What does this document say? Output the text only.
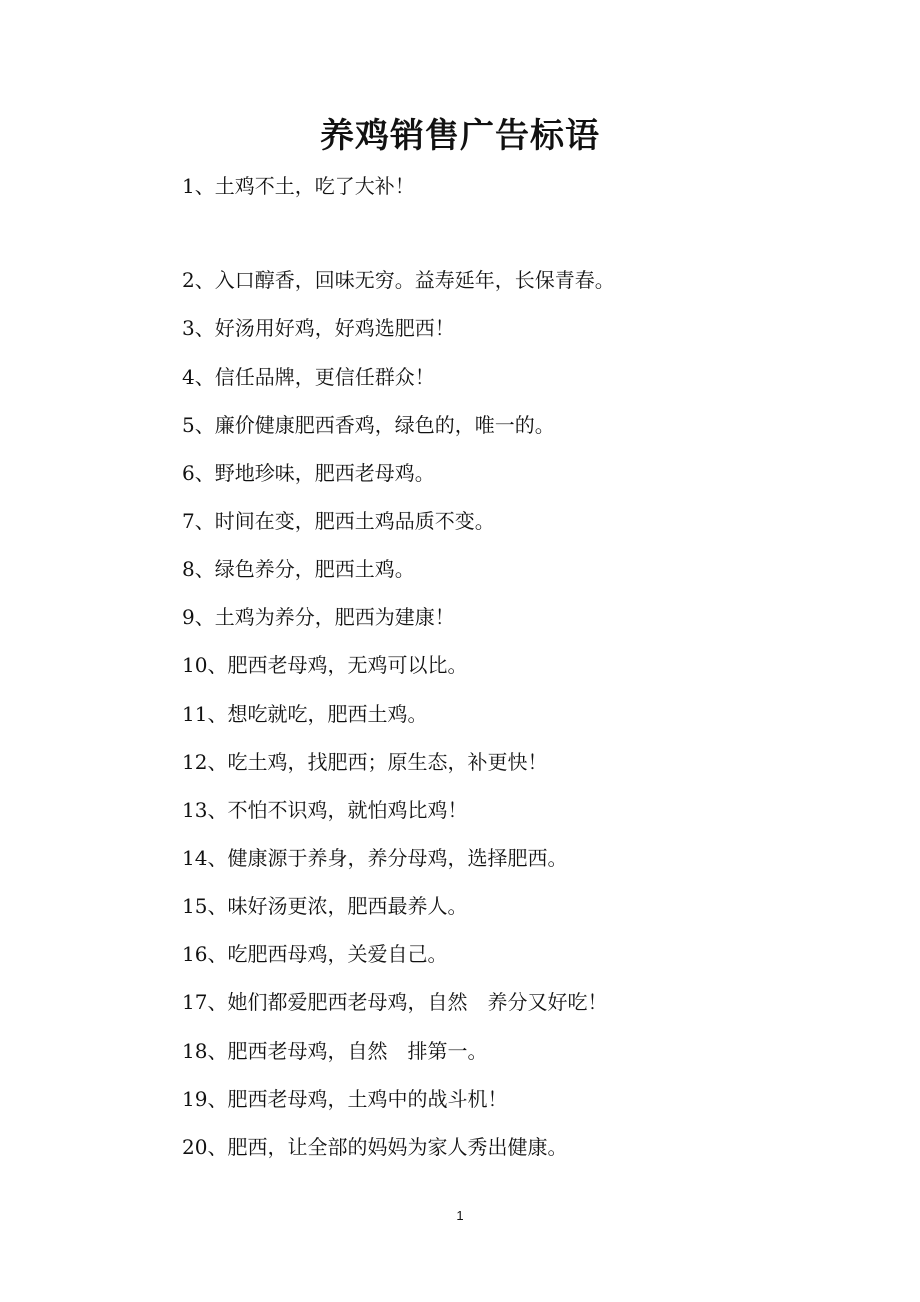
养鸡销售广告标语
1、土鸡不土，吃了大补！
2、入口醇香，回味无穷。益寿延年，长保青春。
3、好汤用好鸡，好鸡选肥西！
4、信任品牌，更信任群众！
5、廉价健康肥西香鸡，绿色的，唯一的。
6、野地珍味，肥西老母鸡。
7、时间在变，肥西土鸡品质不变。
8、绿色养分，肥西土鸡。
9、土鸡为养分，肥西为建康！
10、肥西老母鸡，无鸡可以比。
11、想吃就吃，肥西土鸡。
12、吃土鸡，找肥西；原生态，补更快！
13、不怕不识鸡，就怕鸡比鸡！
14、健康源于养身，养分母鸡，选择肥西。
15、味好汤更浓，肥西最养人。
16、吃肥西母鸡，关爱自己。
17、她们都爱肥西老母鸡，自然　养分又好吃！
18、肥西老母鸡，自然　排第一。
19、肥西老母鸡，土鸡中的战斗机！
20、肥西，让全部的妈妈为家人秀出健康。
1
